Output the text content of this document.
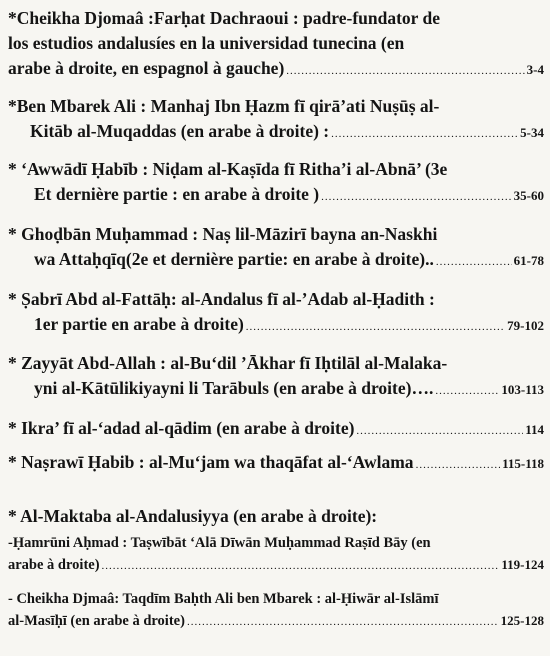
*Cheikha Djomaâ :Farḥat Dachraoui : padre-fundator de
los estudios andalusíes en la universidad tunecina (en
arabe à droite, en espagnol à gauche) .....	3-4
*Ben Mbarek Ali : Manhaj Ibn Ḥazm fī qirā’ati Nuṣūṣ al-
Kitāb al-Muqaddas (en arabe à droite) : .....	5-34
* ‘Awwādī Ḥabīb : Niḍam al-Kaṣīda fī Ritha’i al-Abnā’ (3e
Et dernière partie : en arabe à droite ) .....	35-60
* Ghoḍbān Muḥammad : Naṣ lil-Māzirī bayna an-Naskhi
wa Attaḥqīq(2e et dernière partie: en arabe à droite).. .....	61-78
* Ṣabrī Abd al-Fattāḥ: al-Andalus fī al-’Adab al-Ḥadith :
1er partie en arabe à droite) .....	79-102
* Zayyāt Abd-Allah : al-Bu‘dil ’Ākhar fī Iḥtilāl al-Malaka-
yni al-Kātūlikiyayni li Tarābuls (en arabe à droite)…. .....	103-113
* Ikra’ fī al-‘adad al-qādim (en arabe à droite) .....	114
* Naṣrawī Ḥabib : al-Mu‘jam wa thaqāfat al-‘Awlama .....	115-118
* Al-Maktaba al-Andalusiyya (en arabe à droite):
-Ḥamrūni Aḥmad : Taṣwībāt ‘Alā Dīwān Muḥammad Raṣīd Bāy (en
arabe à droite) .....	119-124
- Cheikha Djmaâ: Taqdīm Baḥth Ali ben Mbarek : al-Ḥiwār al-Islāmī
al-Masīḥī (en arabe à droite) .....	125-128
